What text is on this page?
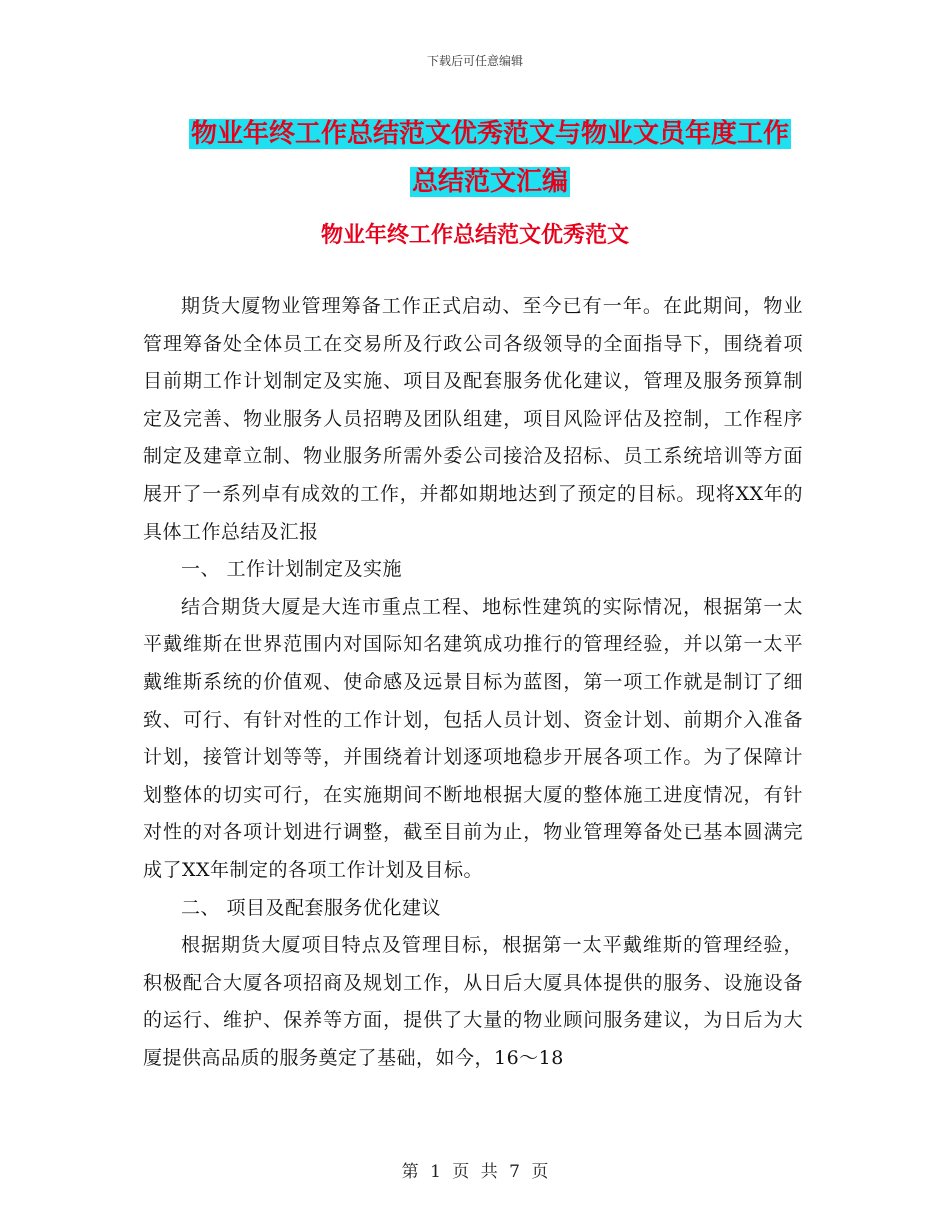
下载后可任意编辑
物业年终工作总结范文优秀范文与物业文员年度工作
总结范文汇编
物业年终工作总结范文优秀范文

期货大厦物业管理筹备工作正式启动、至今已有一年。在此期间，物业管理筹备处全体员工在交易所及行政公司各级领导的全面指导下，围绕着项目前期工作计划制定及实施、项目及配套服务优化建议，管理及服务预算制定及完善、物业服务人员招聘及团队组建，项目风险评估及控制，工作程序制定及建章立制、物业服务所需外委公司接洽及招标、员工系统培训等方面展开了一系列卓有成效的工作，并都如期地达到了预定的目标。现将XX年的具体工作总结及汇报

一、 工作计划制定及实施

结合期货大厦是大连市重点工程、地标性建筑的实际情况，根据第一太平戴维斯在世界范围内对国际知名建筑成功推行的管理经验，并以第一太平戴维斯系统的价值观、使命感及远景目标为蓝图，第一项工作就是制订了细致、可行、有针对性的工作计划，包括人员计划、资金计划、前期介入准备计划，接管计划等等，并围绕着计划逐项地稳步开展各项工作。为了保障计划整体的切实可行，在实施期间不断地根据大厦的整体施工进度情况，有针对性的对各项计划进行调整，截至目前为止，物业管理筹备处已基本圆满完成了XX年制定的各项工作计划及目标。

二、 项目及配套服务优化建议

根据期货大厦项目特点及管理目标，根据第一太平戴维斯的管理经验，积极配合大厦各项招商及规划工作，从日后大厦具体提供的服务、设施设备的运行、维护、保养等方面，提供了大量的物业顾问服务建议，为日后为大厦提供高品质的服务奠定了基础，如今，16～18

第 1 页 共 7 页
